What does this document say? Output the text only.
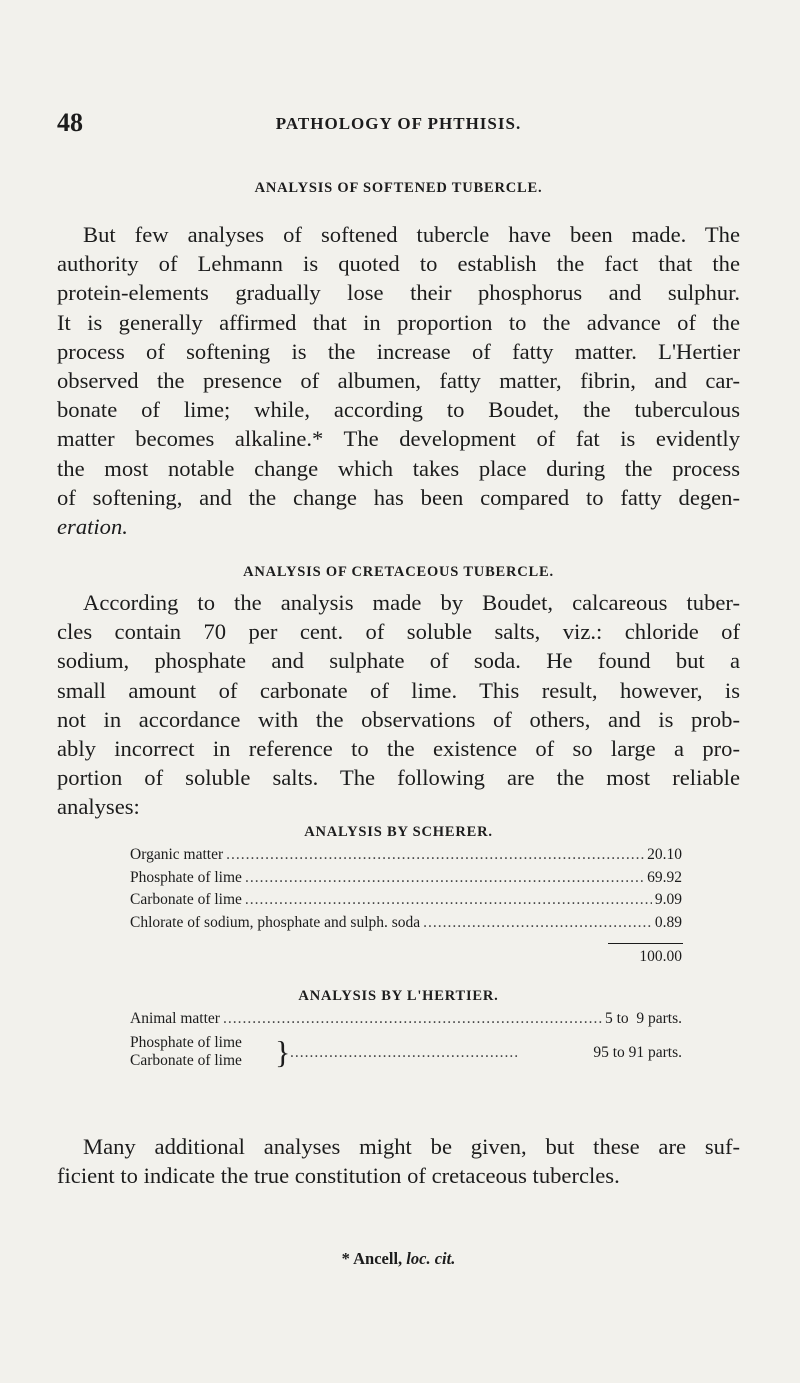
48	PATHOLOGY OF PHTHISIS.
ANALYSIS OF SOFTENED TUBERCLE.
But few analyses of softened tubercle have been made. The
authority of Lehmann is quoted to establish the fact that the
protein-elements gradually lose their phosphorus and sulphur.
It is generally affirmed that in proportion to the advance of the
process of softening is the increase of fatty matter. L'Hertier
observed the presence of albumen, fatty matter, fibrin, and car-
bonate of lime; while, according to Boudet, the tuberculous
matter becomes alkaline.* The development of fat is evidently
the most notable change which takes place during the process
of softening, and the change has been compared to fatty degen-
eration.
ANALYSIS OF CRETACEOUS TUBERCLE.
According to the analysis made by Boudet, calcareous tuber-
cles contain 70 per cent. of soluble salts, viz.: chloride of
sodium, phosphate and sulphate of soda. He found but a
small amount of carbonate of lime. This result, however, is
not in accordance with the observations of others, and is prob-
ably incorrect in reference to the existence of so large a pro-
portion of soluble salts. The following are the most reliable
analyses:
ANALYSIS BY SCHERER.
Organic matter .....	20.10
Phosphate of lime .....	69.92
Carbonate of lime .....	9.09
Chlorate of sodium, phosphate and sulph. soda .....	0.89
100.00
ANALYSIS BY L'HERTIER.
Animal matter .....	5 to  9 parts.
Phosphate of lime
Carbonate of lime } .....	95 to 91 parts.
Many additional analyses might be given, but these are suf-
ficient to indicate the true constitution of cretaceous tubercles.
* Ancell, loc. cit.
